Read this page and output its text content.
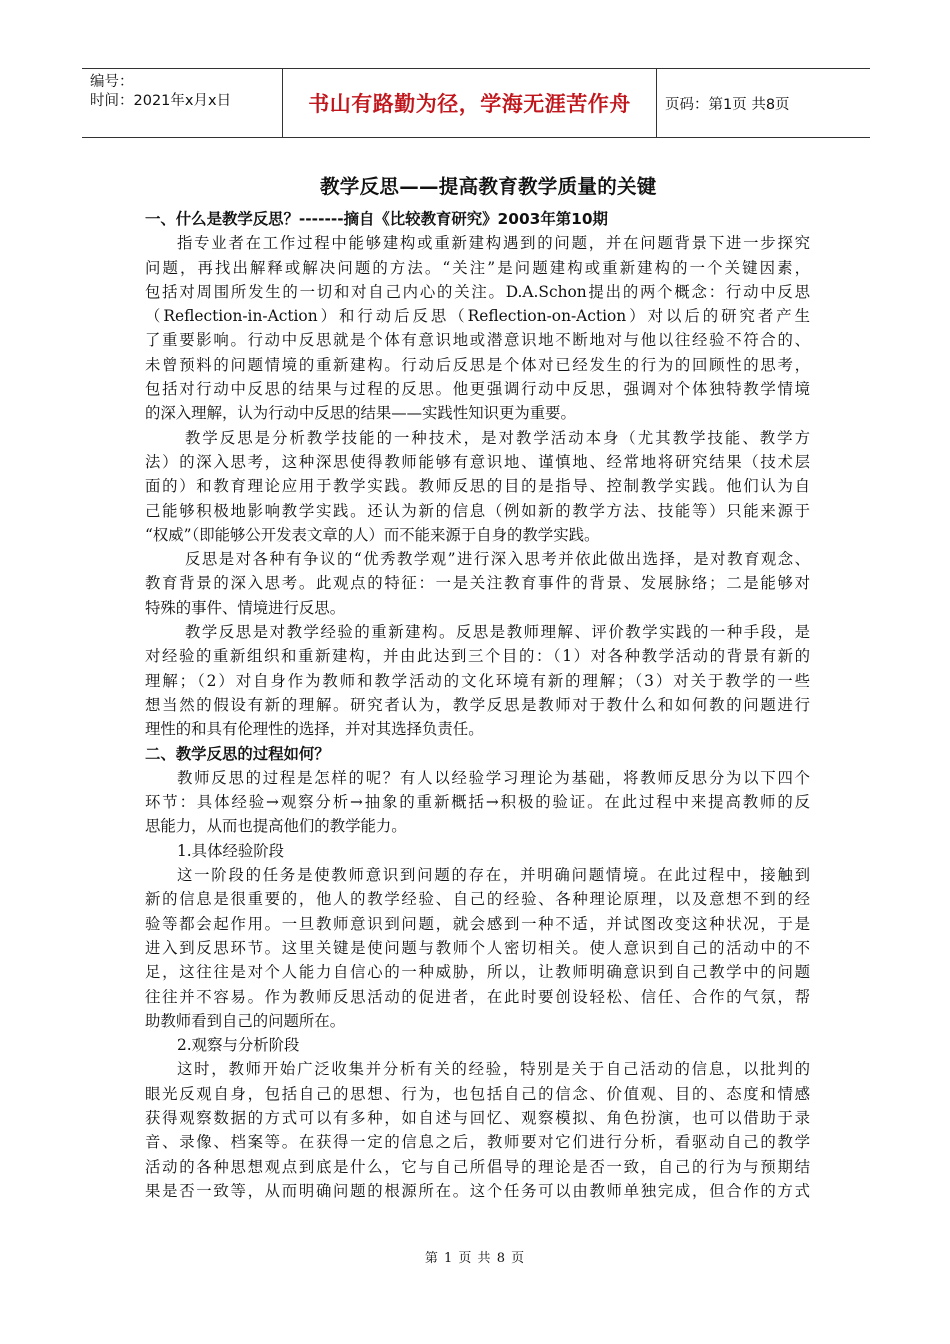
编号：
时间：2021年x月x日	书山有路勤为径，学海无涯苦作舟 页码：第1页 共8页
教学反思——提高教育教学质量的关键
一、什么是教学反思？-------摘自《比较教育研究》2003年第10期
指专业者在工作过程中能够建构或重新建构遇到的问题，并在问题背景下进一步探究
问题，再找出解释或解决问题的方法。“关注”是问题建构或重新建构的一个关键因素，
包括对周围所发生的一切和对自己内心的关注。D.A.Schon提出的两个概念：行动中反思
（Reflection-in-Action）和行动后反思（Reflection-on-Action）对以后的研究者产生
了重要影响。行动中反思就是个体有意识地或潜意识地不断地对与他以往经验不符合的、
未曾预料的问题情境的重新建构。行动后反思是个体对已经发生的行为的回顾性的思考，
包括对行动中反思的结果与过程的反思。他更强调行动中反思，强调对个体独特教学情境
的深入理解，认为行动中反思的结果——实践性知识更为重要。
教学反思是分析教学技能的一种技术，是对教学活动本身（尤其教学技能、教学方
法）的深入思考，这种深思使得教师能够有意识地、谨慎地、经常地将研究结果（技术层
面的）和教育理论应用于教学实践。教师反思的目的是指导、控制教学实践。他们认为自
己能够积极地影响教学实践。还认为新的信息（例如新的教学方法、技能等）只能来源于
“权威”（即能够公开发表文章的人）而不能来源于自身的教学实践。
反思是对各种有争议的“优秀教学观”进行深入思考并依此做出选择，是对教育观念、
教育背景的深入思考。此观点的特征：一是关注教育事件的背景、发展脉络；二是能够对
特殊的事件、情境进行反思。
教学反思是对教学经验的重新建构。反思是教师理解、评价教学实践的一种手段，是
对经验的重新组织和重新建构，并由此达到三个目的：（1）对各种教学活动的背景有新的
理解；（2）对自身作为教师和教学活动的文化环境有新的理解；（3）对关于教学的一些
想当然的假设有新的理解。研究者认为，教学反思是教师对于教什么和如何教的问题进行
理性的和具有伦理性的选择，并对其选择负责任。
二、教学反思的过程如何？
教师反思的过程是怎样的呢？有人以经验学习理论为基础，将教师反思分为以下四个
环节：具体经验→观察分析→抽象的重新概括→积极的验证。在此过程中来提高教师的反
思能力，从而也提高他们的教学能力。
1.具体经验阶段
这一阶段的任务是使教师意识到问题的存在，并明确问题情境。在此过程中，接触到
新的信息是很重要的，他人的教学经验、自己的经验、各种理论原理，以及意想不到的经
验等都会起作用。一旦教师意识到问题，就会感到一种不适，并试图改变这种状况，于是
进入到反思环节。这里关键是使问题与教师个人密切相关。使人意识到自己的活动中的不
足，这往往是对个人能力自信心的一种威胁，所以，让教师明确意识到自己教学中的问题
往往并不容易。作为教师反思活动的促进者，在此时要创设轻松、信任、合作的气氛，帮
助教师看到自己的问题所在。
2.观察与分析阶段
这时，教师开始广泛收集并分析有关的经验，特别是关于自己活动的信息，以批判的
眼光反观自身，包括自己的思想、行为，也包括自己的信念、价值观、目的、态度和情感
获得观察数据的方式可以有多种，如自述与回忆、观察模拟、角色扮演，也可以借助于录
音、录像、档案等。在获得一定的信息之后，教师要对它们进行分析，看驱动自己的教学
活动的各种思想观点到底是什么，它与自己所倡导的理论是否一致，自己的行为与预期结
果是否一致等，从而明确问题的根源所在。这个任务可以由教师单独完成，但合作的方式
第 1 页 共 8 页
